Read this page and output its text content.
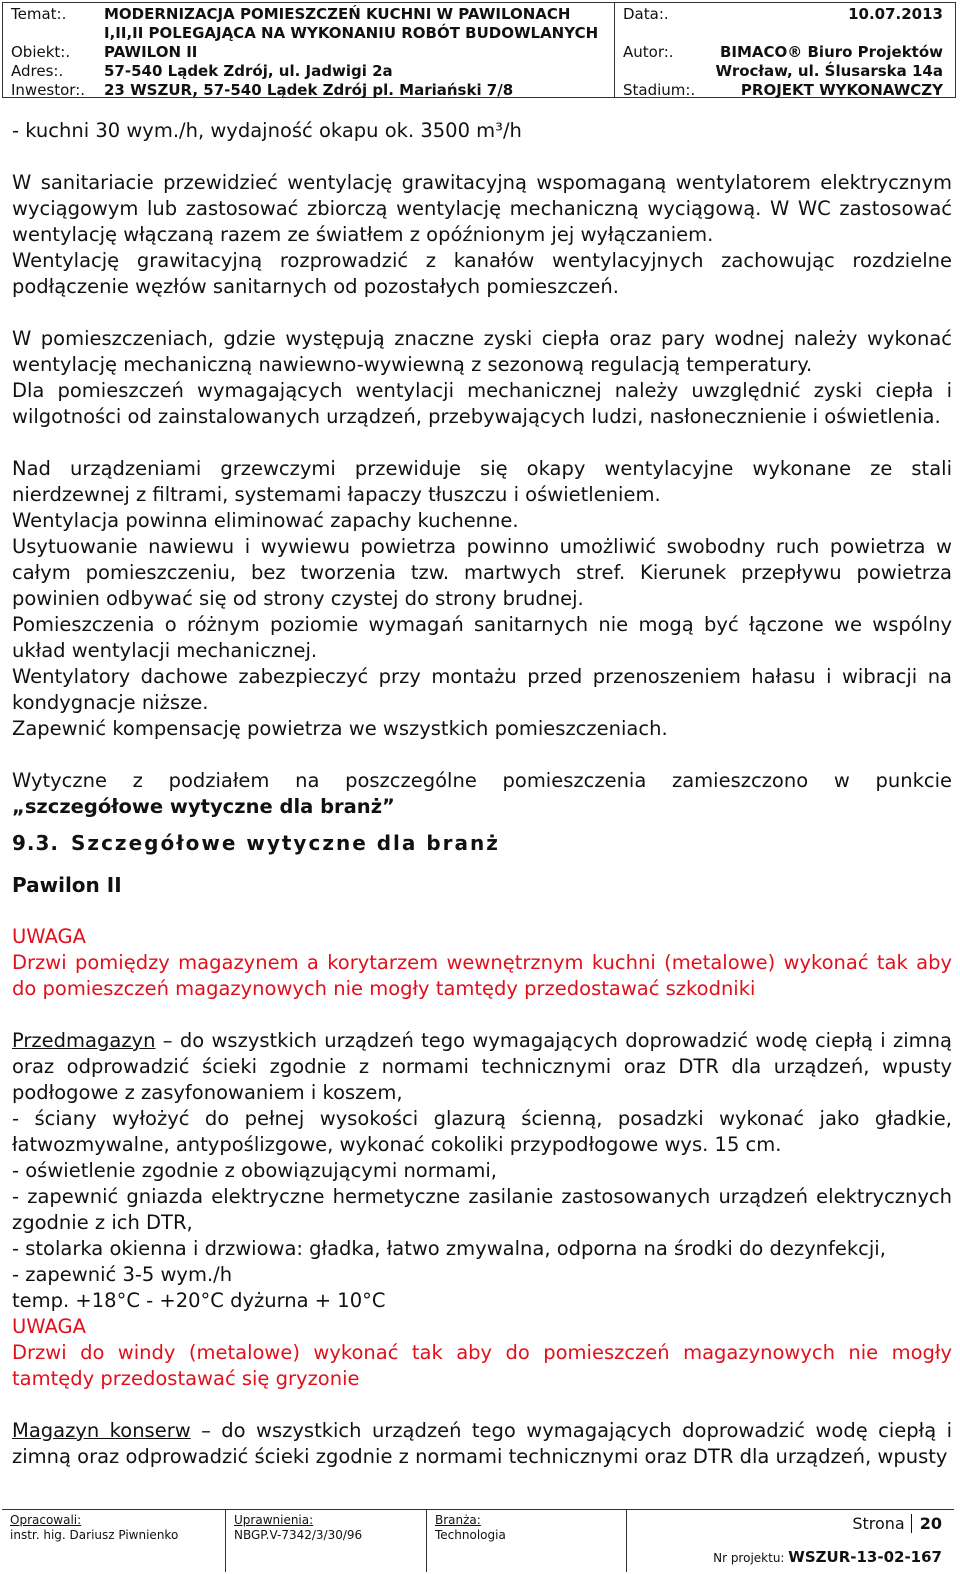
Temat:.	MODERNIZACJA POMIESZCZEŃ KUCHNI W PAWILONACH
I,II,II POLEGAJĄCA NA WYKONANIU ROBÓT BUDOWLANYCH
Obiekt:. PAWILON II
Adres:.	57-540 Lądek Zdrój, ul. Jadwigi 2a
Inwestor:. 23 WSZUR, 57-540 Lądek Zdrój pl. Mariański 7/8
Data:.	10.07.2013
Autor:.	BIMACO® Biuro Projektów
Wrocław, ul. Ślusarska 14a
Stadium:.	PROJEKT WYKONAWCZY

- kuchni 30 wym./h, wydajność okapu ok. 3500 m³/h

W sanitariacie przewidzieć wentylację grawitacyjną wspomaganą wentylatorem elektrycznym wyciągowym lub zastosować zbiorczą wentylację mechaniczną wyciągową. W WC zastosować wentylację włączaną razem ze światłem z opóźnionym jej wyłączaniem.

Wentylację grawitacyjną rozprowadzić z kanałów wentylacyjnych zachowując rozdzielne podłączenie węzłów sanitarnych od pozostałych pomieszczeń.

W pomieszczeniach, gdzie występują znaczne zyski ciepła oraz pary wodnej należy wykonać wentylację mechaniczną nawiewno-wywiewną z sezonową regulacją temperatury.

Dla pomieszczeń wymagających wentylacji mechanicznej należy uwzględnić zyski ciepła i wilgotności od zainstalowanych urządzeń, przebywających ludzi, nasłonecznienie i oświetlenia.

Nad urządzeniami grzewczymi przewiduje się okapy wentylacyjne wykonane ze stali nierdzewnej z filtrami, systemami łapaczy tłuszczu i oświetleniem.

Wentylacja powinna eliminować zapachy kuchenne.

Usytuowanie nawiewu i wywiewu powietrza powinno umożliwić swobodny ruch powietrza w całym pomieszczeniu, bez tworzenia tzw. martwych stref. Kierunek przepływu powietrza powinien odbywać się od strony czystej do strony brudnej.

Pomieszczenia o różnym poziomie wymagań sanitarnych nie mogą być łączone we wspólny układ wentylacji mechanicznej.

Wentylatory dachowe zabezpieczyć przy montażu przed przenoszeniem hałasu i wibracji na kondygnacje niższe.

Zapewnić kompensację powietrza we wszystkich pomieszczeniach.

Wytyczne z podziałem na poszczególne pomieszczenia zamieszczono w punkcie „szczegółowe wytyczne dla branż”

9.3. Szczegółowe wytyczne dla branż

Pawilon II

UWAGA

Drzwi pomiędzy magazynem a korytarzem wewnętrznym kuchni (metalowe) wykonać tak aby do pomieszczeń magazynowych nie mogły tamtędy przedostawać szkodniki

Przedmagazyn – do wszystkich urządzeń tego wymagających doprowadzić wodę ciepłą i zimną oraz odprowadzić ścieki zgodnie z normami technicznymi oraz DTR dla urządzeń, wpusty podłogowe z zasyfonowaniem i koszem,

- ściany wyłożyć do pełnej wysokości glazurą ścienną, posadzki wykonać jako gładkie, łatwozmywalne, antypoślizgowe, wykonać cokoliki przypodłogowe wys. 15 cm.

- oświetlenie zgodnie z obowiązującymi normami,

- zapewnić gniazda elektryczne hermetyczne zasilanie zastosowanych urządzeń elektrycznych zgodnie z ich DTR,

- stolarka okienna i drzwiowa: gładka, łatwo zmywalna, odporna na środki do dezynfekcji,

- zapewnić 3-5 wym./h

temp. +18°C - +20°C dyżurna + 10°C

UWAGA

Drzwi do windy (metalowe) wykonać tak aby do pomieszczeń magazynowych nie mogły tamtędy przedostawać się gryzonie

Magazyn konserw – do wszystkich urządzeń tego wymagających doprowadzić wodę ciepłą i zimną oraz odprowadzić ścieki zgodnie z normami technicznymi oraz DTR dla urządzeń, wpusty

Opracowali:
instr. hig. Dariusz Piwnienko
Uprawnienia:
NBGP.V-7342/3/30/96
Branża:
Technologia
Strona 20
Nr projektu: WSZUR-13-02-167
